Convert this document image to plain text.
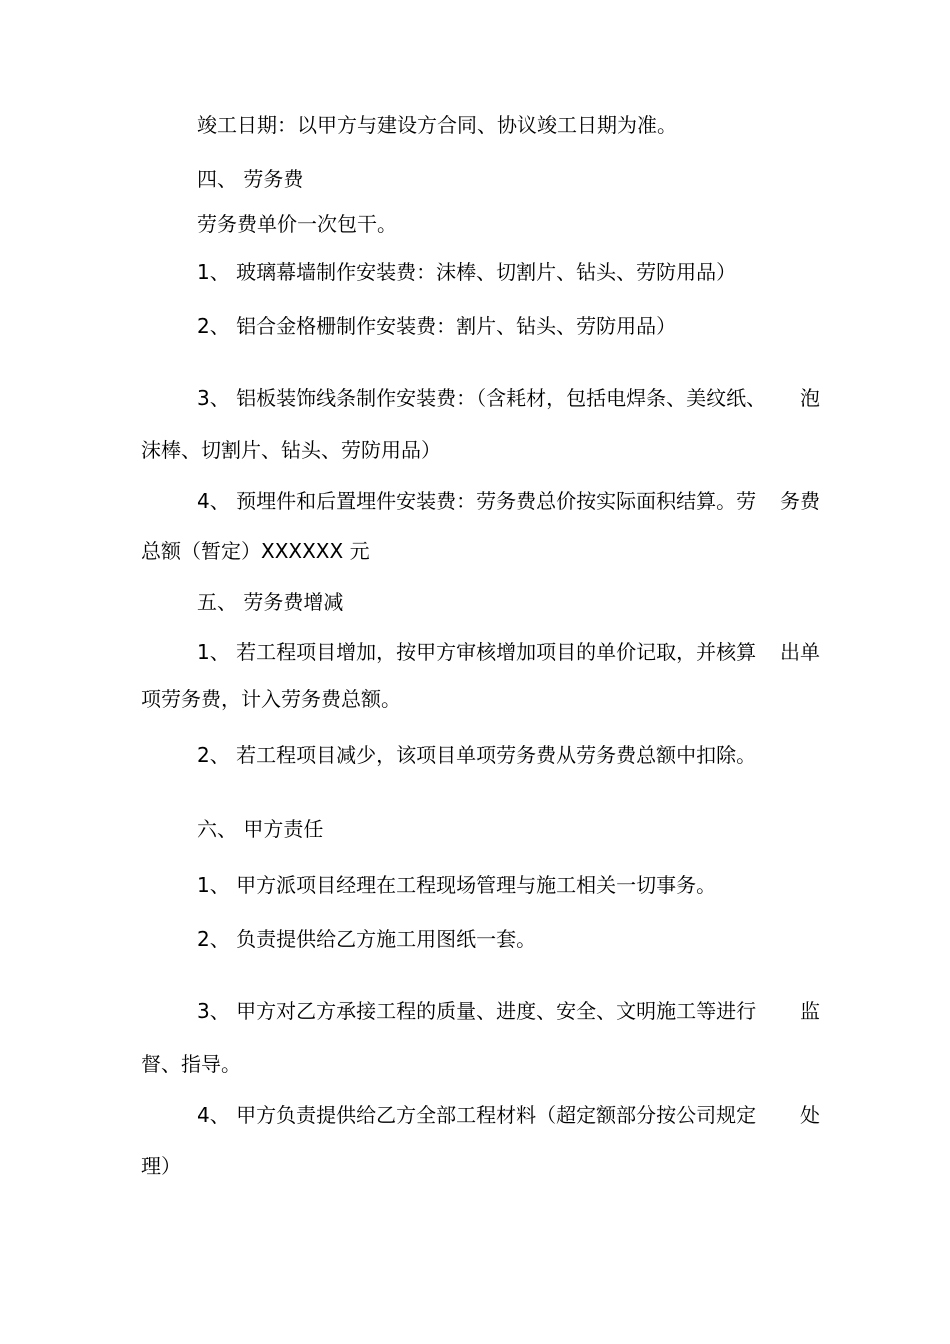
竣工日期：以甲方与建设方合同、协议竣工日期为准。
四、 劳务费
劳务费单价一次包干。
1、 玻璃幕墙制作安装费：沫棒、切割片、钻头、劳防用品）
2、 铝合金格栅制作安装费：割片、钻头、劳防用品）
3、 铝板装饰线条制作安装费：（含耗材，包括电焊条、美纹纸、 泡
沫棒、切割片、钻头、劳防用品）
4、 预埋件和后置埋件安装费：劳务费总价按实际面积结算。劳 务费
总额（暂定）XXXXXX 元
五、 劳务费增减
1、 若工程项目增加，按甲方审核增加项目的单价记取，并核算 出单
项劳务费，计入劳务费总额。
2、 若工程项目减少，该项目单项劳务费从劳务费总额中扣除。
六、 甲方责任
1、 甲方派项目经理在工程现场管理与施工相关一切事务。
2、 负责提供给乙方施工用图纸一套。
3、 甲方对乙方承接工程的质量、进度、安全、文明施工等进行 监
督、指导。
4、 甲方负责提供给乙方全部工程材料（超定额部分按公司规定 处
理）
